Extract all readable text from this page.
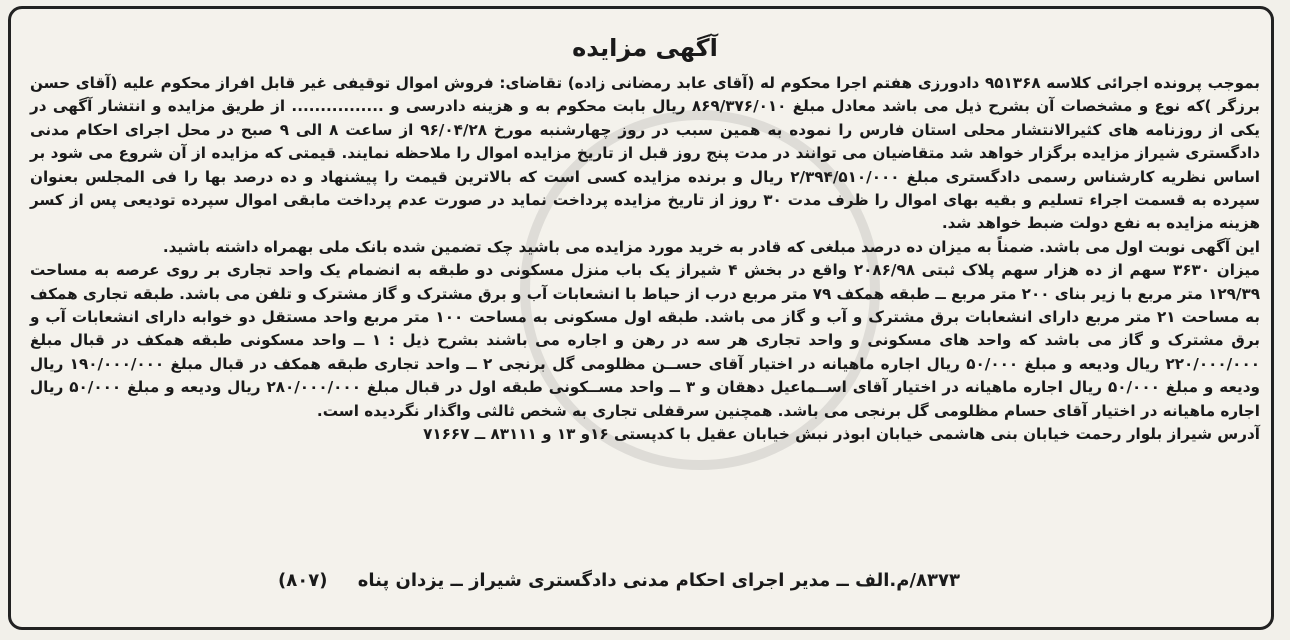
آگهی مزایده

بموجب پرونده اجرائی کلاسه ۹۵۱۳۶۸ دادورزی هفتم اجرا محکوم له (آقای عابد رمضانی زاده) تقاضای: فروش اموال توقیفی غیر قابل افراز محکوم علیه (آقای حسن برزگر )که نوع و مشخصات آن بشرح ذیل می باشد معادل مبلغ ۸۶۹/۳۷۶/۰۱۰ ریال بابت محکوم به و هزینه دادرسی و ................ از طریق مزایده و انتشار آگهی در یکی از روزنامه های کثیرالانتشار محلی استان فارس را نموده به همین سبب در روز چهارشنبه مورخ ۹۶/۰۴/۲۸ از ساعت ۸ الی ۹ صبح در محل اجرای احکام مدنی دادگستری شیراز مزایده برگزار خواهد شد متقاضیان می توانند در مدت پنج روز قبل از تاریخ مزایده اموال را ملاحظه نمایند. قیمتی که مزایده از آن شروع می شود بر اساس نظریه کارشناس رسمی دادگستری مبلغ ۲/۳۹۴/۵۱۰/۰۰۰ ریال و برنده مزایده کسی است که بالاترین قیمت را پیشنهاد و ده درصد بها را فی المجلس بعنوان سپرده به قسمت اجراء تسلیم و بقیه بهای اموال را ظرف مدت ۳۰ روز از تاریخ مزایده پرداخت نماید در صورت عدم پرداخت مابقی اموال سپرده تودیعی پس از کسر هزینه مزایده به نفع دولت ضبط خواهد شد.

این آگهی نوبت اول می باشد. ضمناً به میزان ده درصد مبلغی که قادر به خرید مورد مزایده می باشید چک تضمین شده بانک ملی بهمراه داشته باشید.

میزان ۳۶۳۰ سهم از ده هزار سهم پلاک ثبتی ۲۰۸۶/۹۸ واقع در بخش ۴ شیراز یک باب منزل مسکونی دو طبقه به انضمام یک واحد تجاری بر روی عرصه به مساحت ۱۲۹/۳۹ متر مربع با زیر بنای ۲۰۰ متر مربع ــ طبقه همکف ۷۹ متر مربع درب از حیاط با انشعابات آب و برق مشترک و گاز مشترک و تلفن می باشد. طبقه تجاری همکف به مساحت ۲۱ متر مربع دارای انشعابات برق مشترک و آب و گاز می باشد. طبقه اول مسکونی به مساحت ۱۰۰ متر مربع واحد مستقل دو خوابه دارای انشعابات آب و برق مشترک و گاز می باشد که واحد های مسکونی و واحد تجاری هر سه در رهن و اجاره می باشند بشرح ذیل : ۱ ــ واحد مسکونی طبقه همکف در قبال مبلغ ۲۲۰/۰۰۰/۰۰۰ ریال ودیعه و مبلغ ۵۰/۰۰۰ ریال اجاره ماهیانه در اختیار آقای حســن مظلومی گل برنجی ۲ ــ واحد تجاری طبقه همکف در قبال مبلغ ۱۹۰/۰۰۰/۰۰۰ ریال ودیعه و مبلغ ۵۰/۰۰۰ ریال اجاره ماهیانه در اختیار آقای اســماعیل دهقان و ۳ ــ واحد مســکونی طبقه اول در قبال مبلغ ۲۸۰/۰۰۰/۰۰۰ ریال ودیعه و مبلغ ۵۰/۰۰۰ ریال اجاره ماهیانه در اختیار آقای حسام مظلومی گل برنجی می باشد. همچنین سرقفلی تجاری به شخص ثالثی واگذار نگردیده است.

آدرس شیراز بلوار رحمت خیابان بنی هاشمی خیابان ابوذر نبش خیابان عقیل با کدپستی ۱۶و ۱۳ و ۸۳۱۱۱ ــ ۷۱۶۶۷

۸۳۷۳/م.الف ــ مدیر اجرای احکام مدنی دادگستری شیراز ــ یزدان پناه (۸۰۷)
